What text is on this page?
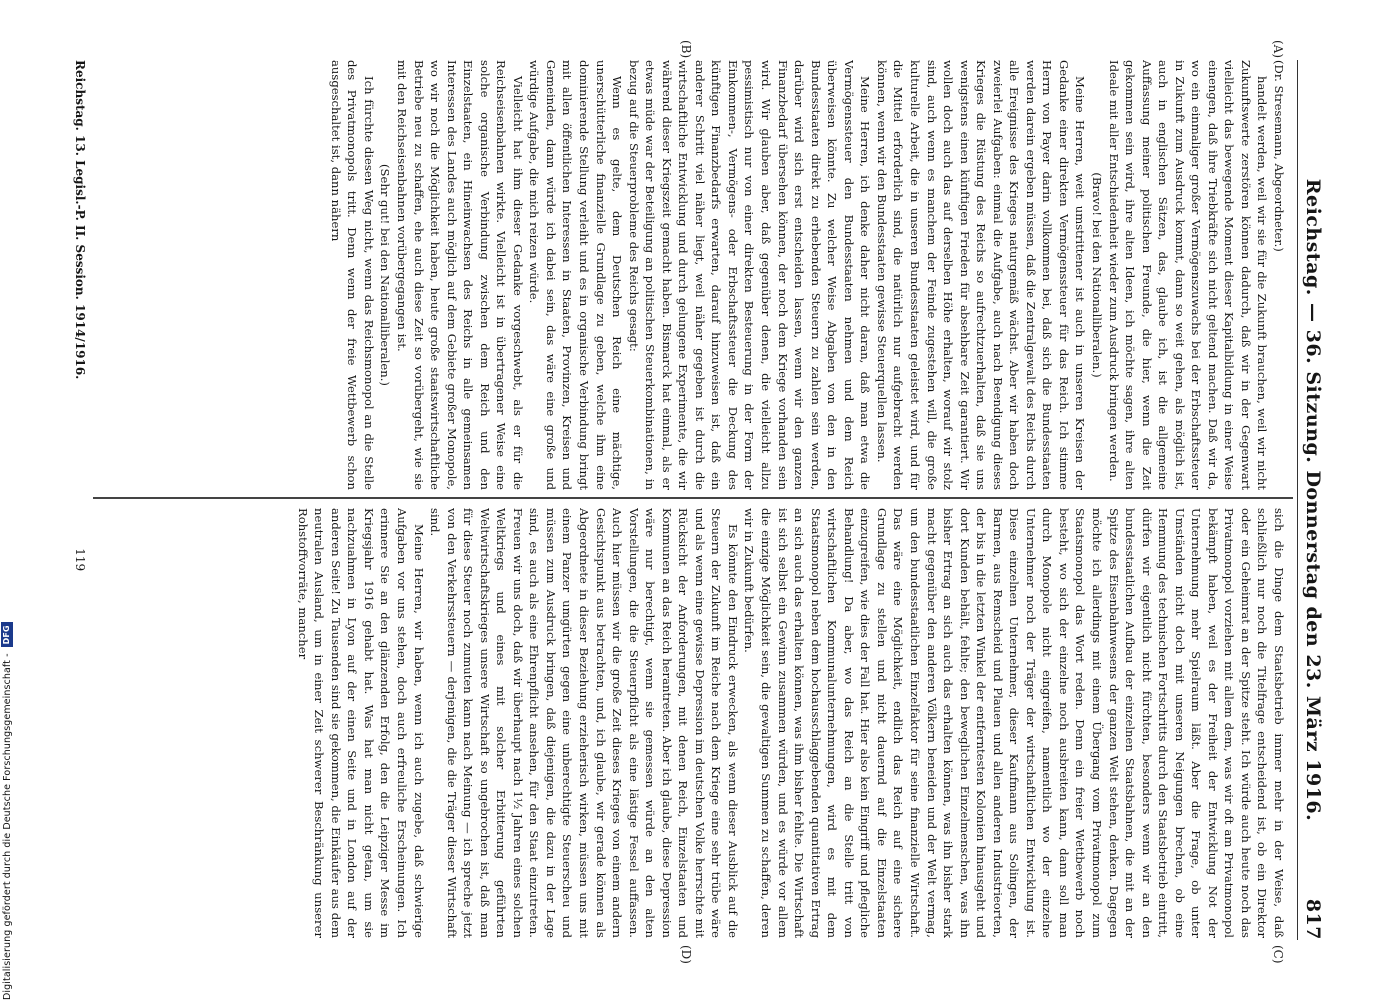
Reichstag. — 36. Sitzung. Donnerstag den 23. März 1916.
817
(A)
(B)
(C)
(D)

(Dr. Stresemann, Abgeordneter.)

handelt werden, weil wir sie für die Zukunft brauchen, weil wir nicht Zukunftswerte zerstören können dadurch, daß wir in der Gegenwart vielleicht das bewegende Moment dieser Kapitalbildung in einer Weise einengen, daß ihre Triebkräfte sich nicht geltend machen. Daß wir da, wo ein einmaliger großer Vermögenszuwachs bei der Erbschaftssteuer in Zukunft zum Ausdruck kommt, dann so weit gehen, als möglich ist, auch in englischen Sätzen, das, glaube ich, ist die allgemeine Auffassung meiner politischen Freunde, die hier, wenn die Zeit gekommen sein wird, ihre alten Ideen, ich möchte sagen, ihre alten Ideale mit aller Entschiedenheit wieder zum Ausdruck bringen werden.

(Bravo! bei den Nationalliberalen.)

Meine Herren, weit umstrittener ist auch in unseren Kreisen der Gedanke einer direkten Vermögenssteuer für das Reich. Ich stimme Herrn von Payer darin vollkommen bei, daß sich die Bundesstaaten werden darein ergeben müssen, daß die Zentralgewalt des Reichs durch alle Ereignisse des Krieges naturgemäß wächst. Aber wir haben doch zweierlei Aufgaben: einmal die Aufgabe, auch nach Beendigung dieses Krieges die Rüstung des Reichs so aufrechtzuerhalten, daß sie uns wenigstens einen künftigen Frieden für absehbare Zeit garantiert. Wir wollen doch auch das auf derselben Höhe erhalten, worauf wir stolz sind, auch wenn es manchem der Feinde zugestehen will, die große kulturelle Arbeit, die in unseren Bundesstaaten geleistet wird, und für die Mittel erforderlich sind, die natürlich nur aufgebracht werden können, wenn wir den Bundesstaaten gewisse Steuerquellen lassen.

Meine Herren, ich denke daher nicht daran, daß man etwa die Vermögenssteuer den Bundesstaaten nehmen und dem Reich überweisen könnte. Zu welcher Weise Abgaben von den in den Bundesstaaten direkt zu erhebenden Steuern zu zahlen sein werden, darüber wird sich erst entscheiden lassen, wenn wir den ganzen Finanzbedarf übersehen können, der noch dem Kriege vorhanden sein wird. Wir glauben aber, daß gegenüber denen, die vielleicht allzu pessimistisch nur von einer direkten Besteuerung in der Form der Einkommen-, Vermögens- oder Erbschaftssteuer die Deckung des künftigen Finanzbedarfs erwarten, darauf hinzuweisen ist, daß ein anderer Schritt viel näher liegt, weil näher gegeben ist durch die wirtschaftliche Entwicklung und durch gelungene Experimente, die wir während dieser Kriegszeit gemacht haben. Bismarck hat einmal, als er etwas müde war der Beteiligung an politischen Steuerkombinationen, in bezug auf die Steuerprobleme des Reichs gesagt:

Wenn es gelte, dem Deutschen Reich eine mächtige, unerschütterliche finanzielle Grundlage zu geben, welche ihm eine dominierende Stellung verleiht und es in organische Verbindung bringt mit allen öffentlichen Interessen in Staaten, Provinzen, Kreisen und Gemeinden, dann würde ich dabei sein, das wäre eine große und würdige Aufgabe, die mich reizen würde.

Vielleicht hat ihm dieser Gedanke vorgeschwebt, als er für die Reichseisenbahnen wirkte. Vielleicht ist in übertragener Weise eine solche organische Verbindung zwischen dem Reich und den Einzelstaaten, ein Hineinwachsen des Reichs in alle gemeinsamen Interessen des Landes auch möglich auf dem Gebiete großer Monopole, wo wir noch die Möglichkeit haben, heute große staatswirtschaftliche Betriebe neu zu schaffen, ehe auch diese Zeit so vorübergeht, wie sie mit den Reichseisenbahnen vorübergegangen ist.

(Sehr gut! bei den Nationalliberalen.)

Ich fürchte diesen Weg nicht, wenn das Reichsmonopol an die Stelle des Privatmonopols tritt. Denn wenn der freie Wettbewerb schon ausgeschaltet ist, dann nähern

sich die Dinge dem Staatsbetrieb immer mehr in der Weise, daß schließlich nur noch die Titelfrage entscheidend ist, ob ein Direktor oder ein Geheimrat an der Spitze steht. Ich würde auch heute noch das Privatmonopol vorziehen mit allem dem, was wir oft am Privatmonopol bekämpft haben, weil es der Freiheit der Entwicklung Not der Unternehmung mehr Spielraum läßt. Aber die Frage, ob unter Umständen nicht doch mit unseren Neigungen brechen, ob eine Hemmung des technischen Fortschritts durch den Staatsbetrieb eintritt, dürfen wir eigentlich nicht fürchten, besonders wenn wir an den bundesstaatlichen Aufbau der einzelnen Staatsbahnen, die mit an der Spitze des Eisenbahnwesens der ganzen Welt stehen, denken. Dagegen möchte ich allerdings mit einem Übergang vom Privatmonopol zum Staatsmonopol das Wort reden. Denn ein freier Wettbewerb noch besteht, wo sich der einzelne noch ausbreiten kann, dann soll man durch Monopole nicht eingreifen, namentlich wo der einzelne Unternehmer noch der Träger der wirtschaftlichen Entwicklung ist. Diese einzelnen Unternehmer, dieser Kaufmann aus Solingen, der Barmen, aus Remscheid und Plauen und allen anderen Industrieorten, der bis in die letzten Winkel der entferntesten Kolonien hinausgeht und dort Kunden behält, fehlte; den beweglichen Einzelmenschen, was ihn bisher Ertrag an sich auch das erhalten können, was ihn bisher stark macht gegenüber den anderen Völkern beneiden und der Welt vermag, um den bundesstaatlichen Einzelfaktor für seine finanzielle Wirtschaft. Das wäre eine Möglichkeit, endlich das Reich auf eine sichere Grundlage zu stellen und nicht dauernd auf die Einzelstaaten einzugreifen, wie dies der Fall hat. Hier also kein Eingriff und pflegliche Behandlung! Da aber, wo das Reich an die Stelle tritt von wirtschaftlichen Kommunalunternehmungen, wird es mit dem Staatsmonopol neben dem hochausschlaggebenden quantitativen Ertrag an sich auch das erhalten können, was ihm bisher fehlte. Die Wirtschaft ist sich selbst ein Gewinn zusammen würden, und es würde vor allem die einzige Möglichkeit sein, die gewaltigen Summen zu schaffen, deren wir in Zukunft bedürfen.

Es könnte den Eindruck erwecken, als wenn dieser Ausblick auf die Steuern der Zukunft im Reiche nach dem Kriege eine sehr trübe wäre und als wenn eine gewisse Depression im deutschen Volke herrschte mit Rücksicht der Anforderungen, mit denen Reich, Einzelstaaten und Kommunen an das Reich herantreten. Aber ich glaube, diese Depression wäre nur berechtigt, wenn sie gemessen würde an den alten Vorstellungen, die die Steuerpflicht als eine lästige Fessel auffassen. Auch hier müssen wir die große Zeit dieses Krieges von einem andern Gesichtspunkt aus betrachten, und, ich glaube, wir gerade können als Abgeordnete in dieser Beziehung erzieherisch wirken, müssen uns mit einem Panzer umgürten gegen eine unberechtigte Steuerscheu und müssen zum Ausdruck bringen, daß diejenigen, die dazu in der Lage sind, es auch als eine Ehrenpflicht ansehen, für den Staat einzutreten. Freuen wir uns doch, daß wir überhaupt nach 1½ Jahren eines solchen Weltkriegs und eines mit solcher Erbitterung geführten Weltwirtschaftskrieges unsere Wirtschaft so ungebrochen ist, daß man für diese Steuer noch zumuten kann nach Meinung — ich spreche jetzt von den Verkehrssteuern — derjenigen, die die Träger dieser Wirtschaft sind.

Meine Herren, wir haben, wenn ich auch zugebe, daß schwierige Aufgaben vor uns stehen, doch auch erfreuliche Erscheinungen. Ich erinnere Sie an den glänzenden Erfolg, den die Leipziger Messe im Kriegsjahr 1916 gehabt hat. Was hat man nicht getan, um sie nachzuahmen in Lyon auf der einen Seite und in London auf der anderen Seite! Zu Tausenden sind sie gekommen, die Einkäufer aus dem neutralen Ausland, um in einer Zeit schwerer Beschränkung unserer Rohstoffvorräte, mancher

Reichstag. 13. Legisl.-P. II. Session. 1914/1916.
119
Digitalisierung gefördert durch die Deutsche Forschungsgemeinschaft -
DFG
